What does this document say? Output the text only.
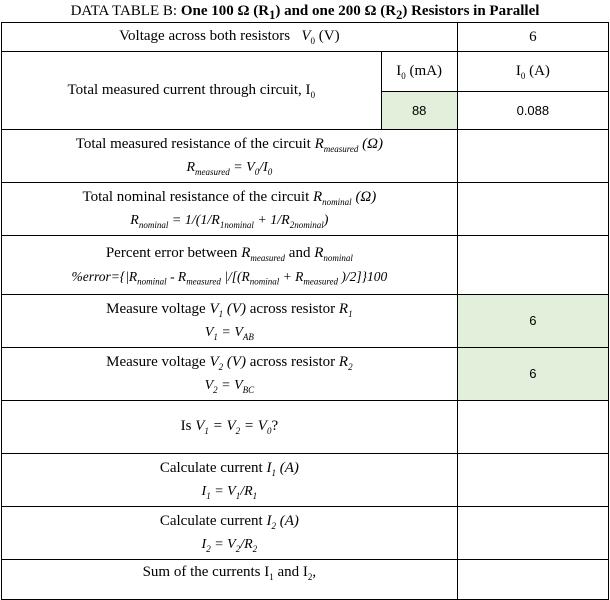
DATA TABLE B: One 100 Ω $(R_1)$ and one 200 Ω $(R_2)$ Resistors in Parallel
Voltage across both resistors $V_0$ (V)		6
Total measured current through circuit, $I_0$	$I_0$ (mA)	$I_0$ (A)
	88	0.088
Total measured resistance of the circuit $R_{measured}$ (Ω)
$R_{measured} = V_0/I_0$

Total nominal resistance of the circuit $R_{nominal}$ (Ω)
$R_{nominal} = 1/(1/R_{1nominal} + 1/R_{2nominal})$		

Percent error between $R_{measured}$ and $R_{nominal}$
$\%error=\{|R_{nominal} - R_{measured}$ $|/[(R_{nominal} + R_{measured}$ )/2]}100		

Measure voltage $V_1$ (V) across resistor $R_1$
$V_1 = V_{AB}$		6
Measure voltage $V_2$ (V) across resistor $R_2$
$V_2 = V_{BC}$		6
Is $V_1 = V_2 = V_0$?		
Calculate current $I_1$ (A)
$I_1 = V_1/R_1$

Calculate current $I_2$ (A)
$I_2 = V_2/R_2$

Sum of the currents $I_1$ and $I_2$,		
